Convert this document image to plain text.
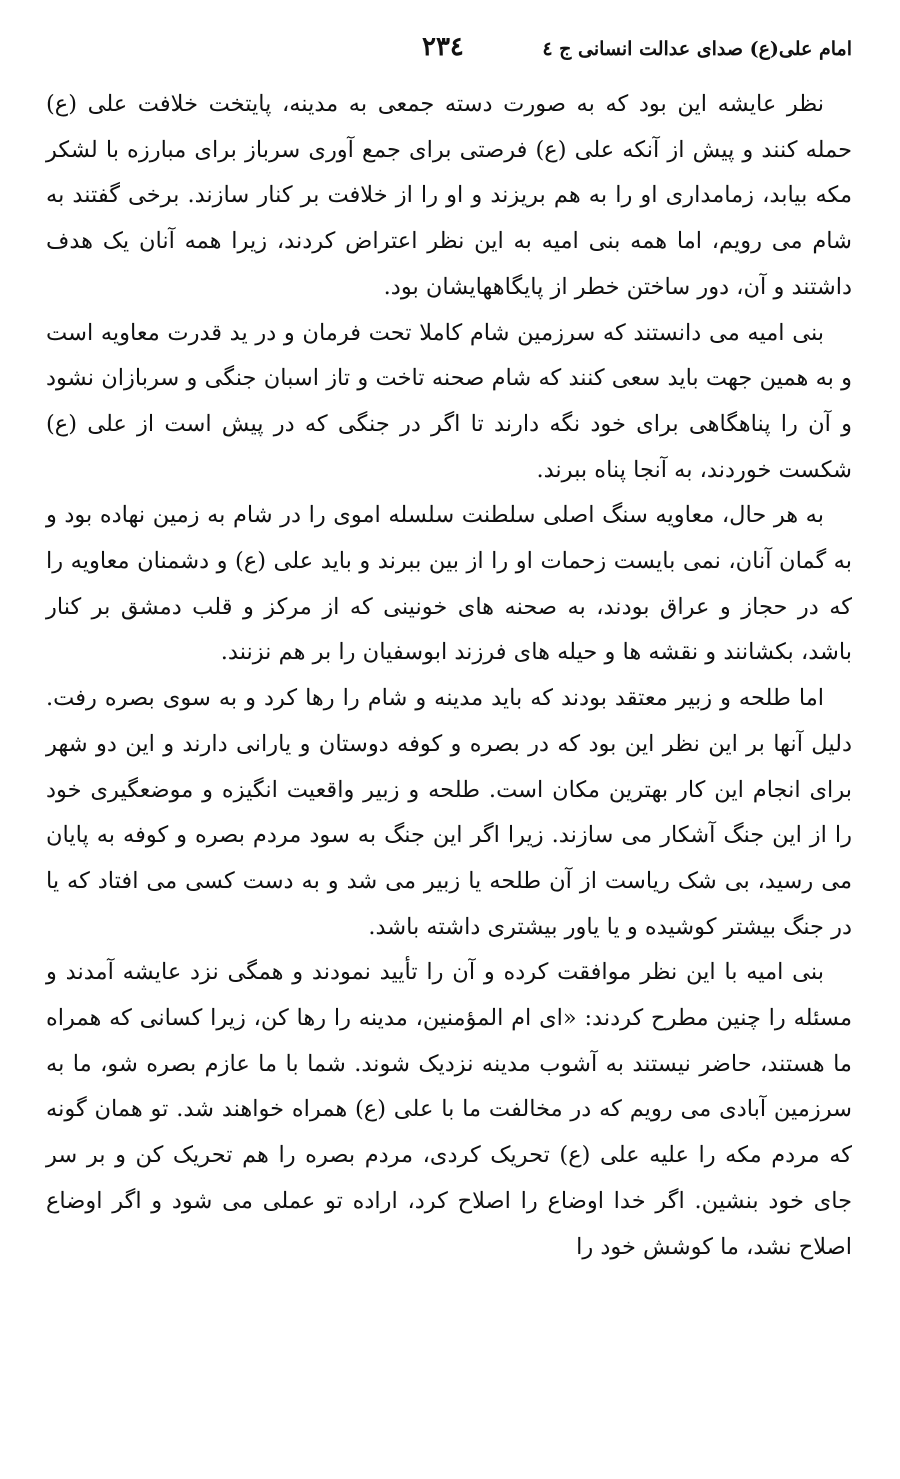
امام علی(ع) صدای عدالت انسانی ج ٤
۲۳٤

نظر عایشه این بود که به صورت دسته جمعی به مدینه، پایتخت خلافت علی (ع) حمله کنند و پیش از آنکه علی (ع) فرصتی برای جمع آوری سرباز برای مبارزه با لشکر مکه بیابد، زمامداری او را به هم بریزند و او را از خلافت بر کنار سازند. برخی گفتند به شام می رویم، اما همه بنی امیه به این نظر اعتراض کردند، زیرا همه آنان یک هدف داشتند و آن، دور ساختن خطر از پایگاههایشان بود.

بنی امیه می دانستند که سرزمین شام کاملا تحت فرمان و در ید قدرت معاویه است و به همین جهت باید سعی کنند که شام صحنه تاخت و تاز اسبان جنگی و سربازان نشود و آن را پناهگاهی برای خود نگه دارند تا اگر در جنگی که در پیش است از علی (ع) شکست خوردند، به آنجا پناه ببرند.

به هر حال، معاویه سنگ اصلی سلطنت سلسله اموی را در شام به زمین نهاده بود و به گمان آنان، نمی بایست زحمات او را از بین ببرند و باید علی (ع) و دشمنان معاویه را که در حجاز و عراق بودند، به صحنه های خونینی که از مرکز و قلب دمشق بر کنار باشد، بکشانند و نقشه ها و حیله های فرزند ابوسفیان را بر هم نزنند.

اما طلحه و زبیر معتقد بودند که باید مدینه و شام را رها کرد و به سوی بصره رفت. دلیل آنها بر این نظر این بود که در بصره و کوفه دوستان و یارانی دارند و این دو شهر برای انجام این کار بهترین مکان است. طلحه و زبیر واقعیت انگیزه و موضعگیری خود را از این جنگ آشکار می سازند. زیرا اگر این جنگ به سود مردم بصره و کوفه به پایان می رسید، بی شک ریاست از آن طلحه یا زبیر می شد و به دست کسی می افتاد که یا در جنگ بیشتر کوشیده و یا یاور بیشتری داشته باشد.

بنی امیه با این نظر موافقت کرده و آن را تأیید نمودند و همگی نزد عایشه آمدند و مسئله را چنین مطرح کردند: «ای ام المؤمنین، مدینه را رها کن، زیرا کسانی که همراه ما هستند، حاضر نیستند به آشوب مدینه نزدیک شوند. شما با ما عازم بصره شو، ما به سرزمین آبادی می رویم که در مخالفت ما با علی (ع) همراه خواهند شد. تو همان گونه که مردم مکه را علیه علی (ع) تحریک کردی، مردم بصره را هم تحریک کن و بر سر جای خود بنشین. اگر خدا اوضاع را اصلاح کرد، اراده تو عملی می شود و اگر اوضاع اصلاح نشد، ما کوشش خود را
